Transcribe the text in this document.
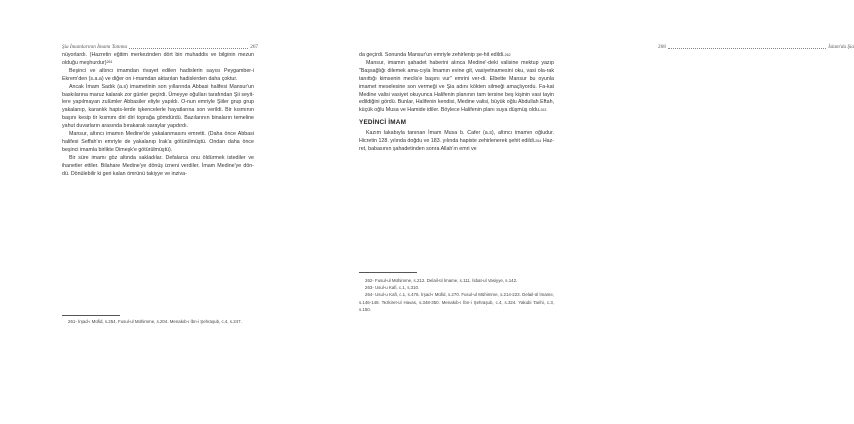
Şia İmamlarının İmamı Tanıma	267

nüyorlardı. (Hazretin eğitim merkezinden dört bin muhaddis ve bilginin mezun olduğu meşhurdur)$^{261}$

Beşinci ve altıncı imamdan rivayet edilen hadislerin sayısı Peygamber-i Ekrem'den (s.a.a) ve diğer on i-mamdan aktarılan hadislerden daha çoktur.

Ancak İmam Sadık (a.s) imametinin son yıllarında Abbasi halifesi Mansur'un baskılarına maruz kalarak zor günler geçirdi. Ümeyye oğulları tarafından Şii seyit-lere yapılmayan zulümler Abbasiler eliyle yapıldı. O-nun emriyle Şiiler grup grup yakalanıp, karanlık hapis-lerde işkencelerle hayatlarına son verildi. Bir kısmının başını kesip tir kısmını diri diri toprağa gömdürdü. Bazılarının binaların temeline yahut duvarların arasında bırakarak saraylar yapdırdı.

Mansur, altıncı imamın Medine'de yakalanmasını emretti. (Daha önce Abbasi halifesi Seffah'ın emriyle de yakalanıp Irak'a götürülmüştü. Ondan daha önce beşinci imamla birlikte Dimeşk'e götürülmüştü).

Bir süre imamı göz altında sakladılar. Defalarca onu öldürmek istediler ve ihanetler ettiler. Bilahare Medine'ye dönüş izneni verdiler. İmam Medine'ye dön-dü. Dönülebilir ki geri kalan ömrünü takiyye ve inziva-

261- İrşad-ı Müfid, s.254. Fusul-ul Mühimme, s.204. Menakıb-ı İbn-i Şehraşub, c.4, s.247.

268	İslam'da Şia

da geçirdi. Sonunda Mansur'un emriyle zehirlenip şe-hit edildi.$^{262}$

Mansur, imamın şahadet haberini alınca Medine'-deki valisine mektup yazıp "Başsağlığı dilemek ama-cıyla İmamın evine git, vasiyetnamesini oku, vasi ola-rak tanıttığı kimsenin meclis'e başını vur" emrini ver-di. Elbette Mansur bu oyunla imamet meselesine son vermeği ve Şia adını kökten silmeği amaçlıyordu. Fa-kat Medine valisi vasiyet okuyunca Halifenin planının tam tersine beş kişinin vasi tayin edildiğini gördü. Bunlar, Halifenin kendisi, Medine valisi, büyük oğlu Abdullah Eftah, küçük oğlu Musa ve Hamide idiler. Böylece Halifenin planı suya düşmüş oldu.$^{263}$

YEDİNCİ İMAM

Kazım lakabıyla tanınan İmam Musa b. Cafer (a.s), altıncı imamın oğludur. Hicretin 128. yılında doğdu ve 183. yılında hapiste zehirlenerek şehit edildi.$^{264}$ Haz-ret, babasının şahadetinden sonra Allah'ın emri ve

262- Fusul-ul Mühimme, s.212. Delail-ül İmame, s.111. İsbat-ul Vasiyye, s.142.

263- Usul-u Kafi, c.1, s.310.

264- Usul-u Kafi, c.1, s.476. İrşad-ı Müfid, s.270. Fusul-ul Mühimme, s.214-223. Delail-ül İmame, s.146-148. Tezkiret-ul Havas, s.348-350. Menakıb-ı İbn-i Şehraşub, c.4, s.324. Yakubi Tarihi, c.3, s.150.
